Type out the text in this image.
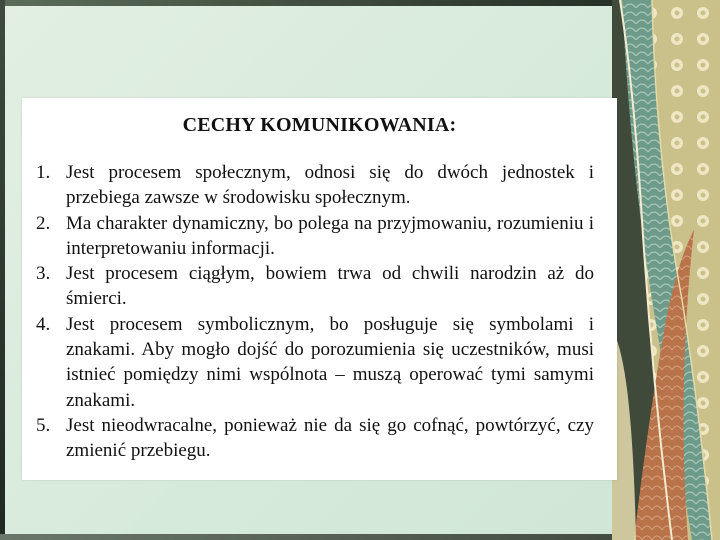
CECHY KOMUNIKOWANIA:
1. Jest procesem społecznym, odnosi się do dwóch jednostek i przebiega zawsze w środowisku społecznym.
2. Ma charakter dynamiczny, bo polega na przyjmowaniu, rozumieniu i interpretowaniu informacji.
3. Jest procesem ciągłym, bowiem trwa od chwili narodzin aż do śmierci.
4. Jest procesem symbolicznym, bo posługuje się symbolami i znakami. Aby mogło dojść do porozumienia się uczestników, musi istnieć pomiędzy nimi wspólnota – muszą operować tymi samymi znakami.
5. Jest nieodwracalne, ponieważ nie da się go cofnąć, powtórzyć, czy zmienić przebiegu.
